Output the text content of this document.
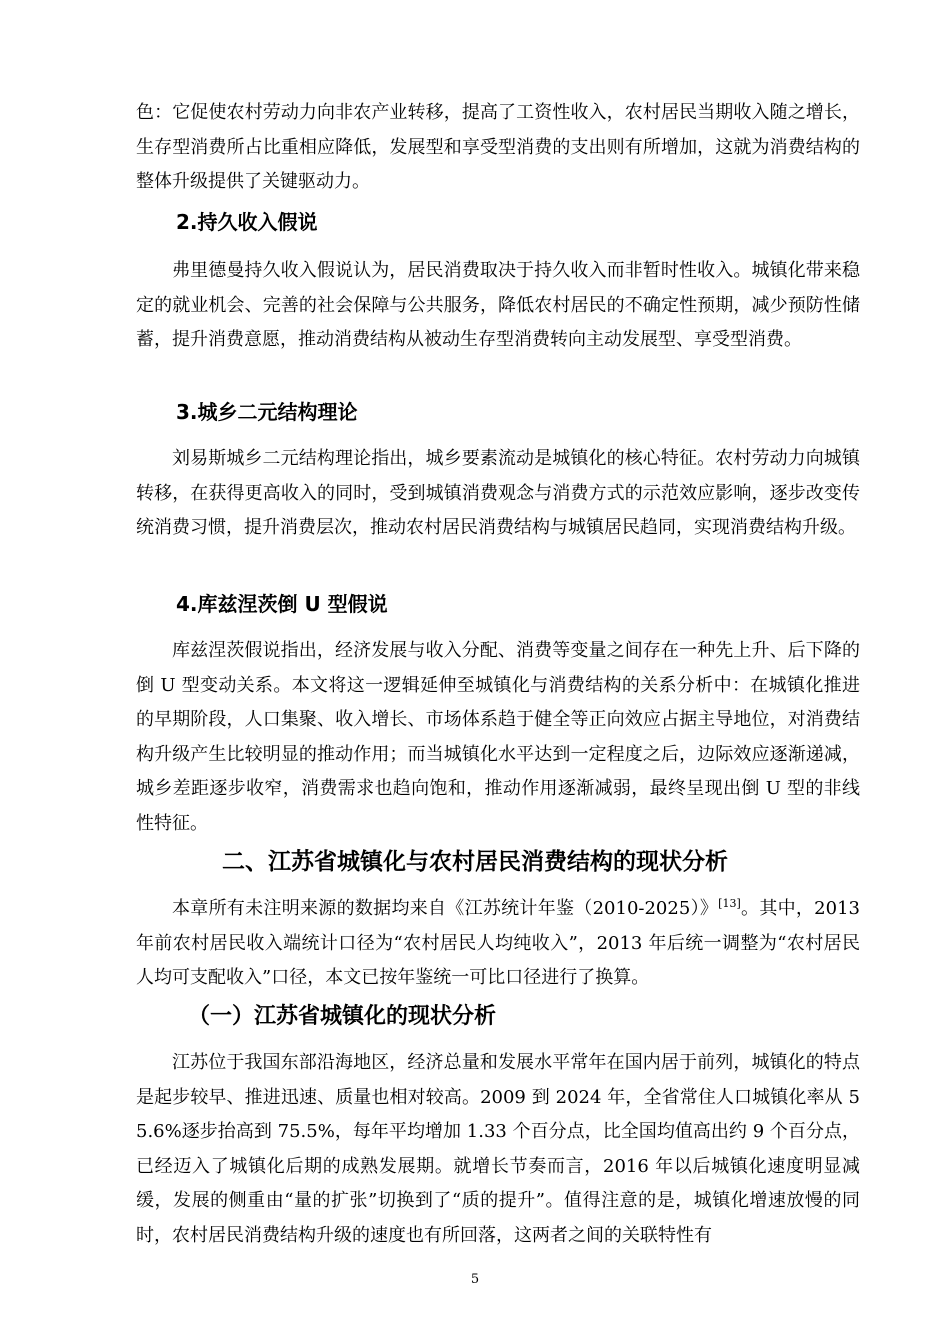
色：它促使农村劳动力向非农产业转移，提高了工资性收入，农村居民当期收入随之增长，生存型消费所占比重相应降低，发展型和享受型消费的支出则有所增加，这就为消费结构的整体升级提供了关键驱动力。

2.持久收入假说

弗里德曼持久收入假说认为，居民消费取决于持久收入而非暂时性收入。城镇化带来稳定的就业机会、完善的社会保障与公共服务，降低农村居民的不确定性预期，减少预防性储蓄，提升消费意愿，推动消费结构从被动生存型消费转向主动发展型、享受型消费。

3.城乡二元结构理论

刘易斯城乡二元结构理论指出，城乡要素流动是城镇化的核心特征。农村劳动力向城镇转移，在获得更高收入的同时，受到城镇消费观念与消费方式的示范效应影响，逐步改变传统消费习惯，提升消费层次，推动农村居民消费结构与城镇居民趋同，实现消费结构升级。

4.库兹涅茨倒 U 型假说

库兹涅茨假说指出，经济发展与收入分配、消费等变量之间存在一种先上升、后下降的倒 U 型变动关系。本文将这一逻辑延伸至城镇化与消费结构的关系分析中：在城镇化推进的早期阶段，人口集聚、收入增长、市场体系趋于健全等正向效应占据主导地位，对消费结构升级产生比较明显的推动作用；而当城镇化水平达到一定程度之后，边际效应逐渐递减，城乡差距逐步收窄，消费需求也趋向饱和，推动作用逐渐减弱，最终呈现出倒 U 型的非线性特征。

二、江苏省城镇化与农村居民消费结构的现状分析

本章所有未注明来源的数据均来自《江苏统计年鉴（2010-2025）》[13]。其中，2013 年前农村居民收入端统计口径为“农村居民人均纯收入”，2013 年后统一调整为“农村居民人均可支配收入”口径，本文已按年鉴统一可比口径进行了换算。

（一）江苏省城镇化的现状分析

江苏位于我国东部沿海地区，经济总量和发展水平常年在国内居于前列，城镇化的特点是起步较早、推进迅速、质量也相对较高。2009 到 2024 年，全省常住人口城镇化率从 55.6%逐步抬高到 75.5%，每年平均增加 1.33 个百分点，比全国均值高出约 9 个百分点，已经迈入了城镇化后期的成熟发展期。就增长节奏而言，2016 年以后城镇化速度明显减缓，发展的侧重由“量的扩张”切换到了“质的提升”。值得注意的是，城镇化增速放慢的同时，农村居民消费结构升级的速度也有所回落，这两者之间的关联特性有

5
